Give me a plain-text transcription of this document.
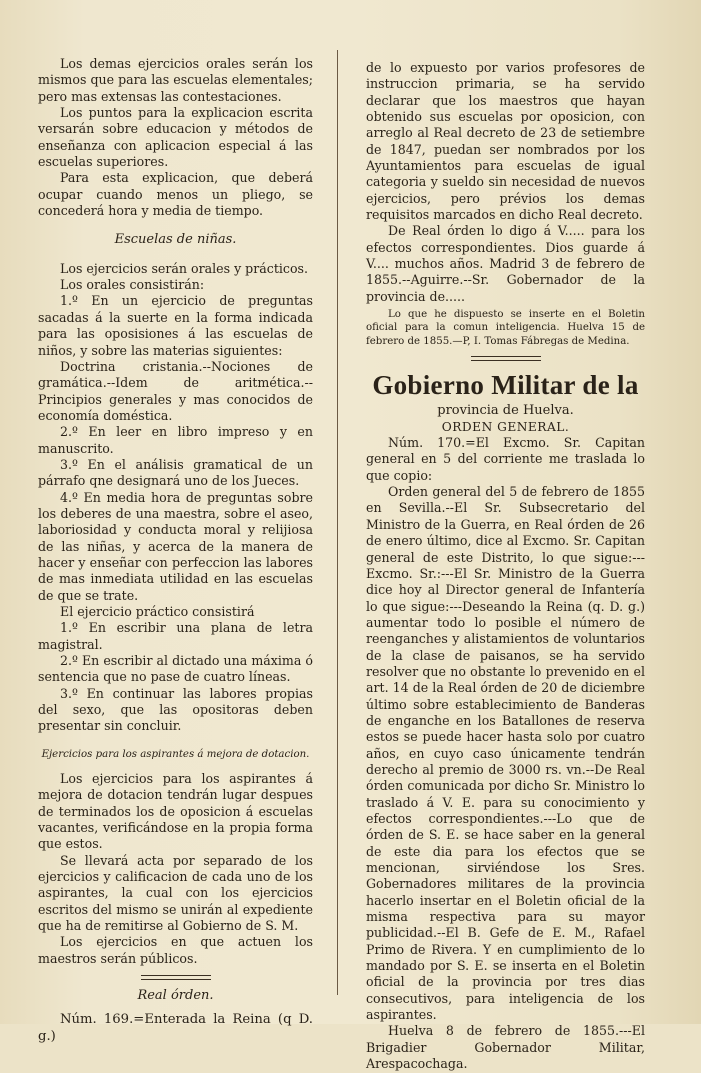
Los demas ejercicios orales serán los mismos que para las escuelas elementales; pero mas extensas las contestaciones.

Los puntos para la explicacion escrita versarán sobre educacion y métodos de enseñanza con aplicacion especial á las escuelas superiores.

Para esta explicacion, que deberá ocupar cuando menos un pliego, se concederá hora y media de tiempo.

Escuelas de niñas.

Los ejercicios serán orales y prácticos.

Los orales consistirán:

1.º En un ejercicio de preguntas sacadas á la suerte en la forma indicada para las oposisiones á las escuelas de niños, y sobre las materias siguientes:

Doctrina cristania.--Nociones de gramática.--Idem de aritmética.--Principios generales y mas conocidos de economía doméstica.

2.º En leer en libro impreso y en manuscrito.

3.º En el análisis gramatical de un párrafo qne designará uno de los Jueces.

4.º En media hora de preguntas sobre los deberes de una maestra, sobre el aseo, laboriosidad y conducta moral y relijiosa de las niñas, y acerca de la manera de hacer y enseñar con perfeccion las labores de mas inmediata utilidad en las escuelas de que se trate.

El ejercicio práctico consistirá

1.º En escribir una plana de letra magistral.

2.º En escribir al dictado una máxima ó sentencia que no pase de cuatro líneas.

3.º En continuar las labores propias del sexo, que las opositoras deben presentar sin concluir.

Ejercicios para los aspirantes á mejora de dotacion.

Los ejercicios para los aspirantes á mejora de dotacion tendrán lugar despues de terminados los de oposicion á escuelas vacantes, verificándose en la propia forma que estos.

Se llevará acta por separado de los ejercicios y calificacion de cada uno de los aspirantes, la cual con los ejercicios escritos del mismo se unirán al expediente que ha de remitirse al Gobierno de S. M.

Los ejercicios en que actuen los maestros serán públicos.

Real órden.

Núm. 169.=Enterada la Reina (q D. g.)

de lo expuesto por varios profesores de instruccion primaria, se ha servido declarar que los maestros que hayan obtenido sus escuelas por oposicion, con arreglo al Real decreto de 23 de setiembre de 1847, puedan ser nombrados por los Ayuntamientos para escuelas de igual categoria y sueldo sin necesidad de nuevos ejercicios, pero prévios los demas requisitos marcados en dicho Real decreto.

De Real órden lo digo á V..... para los efectos correspondientes. Dios guarde á V.... muchos años. Madrid 3 de febrero de 1855.--Aguirre.--Sr. Gobernador de la provincia de.....

Lo que he dispuesto se inserte en el Boletin oficial para la comun inteligencia. Huelva 15 de febrero de 1855.—P, I. Tomas Fábregas de Medina.

Gobierno Militar de la

provincia de Huelva.

ORDEN GENERAL.

Núm. 170.=El Excmo. Sr. Capitan general en 5 del corriente me traslada lo que copio:

Orden general del 5 de febrero de 1855 en Sevilla.--El Sr. Subsecretario del Ministro de la Guerra, en Real órden de 26 de enero último, dice al Excmo. Sr. Capitan general de este Distrito, lo que sigue:---Excmo. Sr.:---El Sr. Ministro de la Guerra dice hoy al Director general de Infantería lo que sigue:---Deseando la Reina (q. D. g.) aumentar todo lo posible el número de reenganches y alistamientos de voluntarios de la clase de paisanos, se ha servido resolver que no obstante lo prevenido en el art. 14 de la Real órden de 20 de diciembre último sobre establecimiento de Banderas de enganche en los Batallones de reserva estos se puede hacer hasta solo por cuatro años, en cuyo caso únicamente tendrán derecho al premio de 3000 rs. vn.--De Real órden comunicada por dicho Sr. Ministro lo traslado á V. E. para su conocimiento y efectos correspondientes.---Lo que de órden de S. E. se hace saber en la general de este dia para los efectos que se mencionan, sirviéndose los Sres. Gobernadores militares de la provincia hacerlo insertar en el Boletin oficial de la misma respectiva para su mayor publicidad.--El B. Gefe de E. M., Rafael Primo de Rivera. Y en cumplimiento de lo mandado por S. E. se inserta en el Boletin oficial de la provincia por tres dias consecutivos, para inteligencia de los aspirantes.

Huelva 8 de febrero de 1855.---El Brigadier Gobernador Militar, Arespacochaga.
